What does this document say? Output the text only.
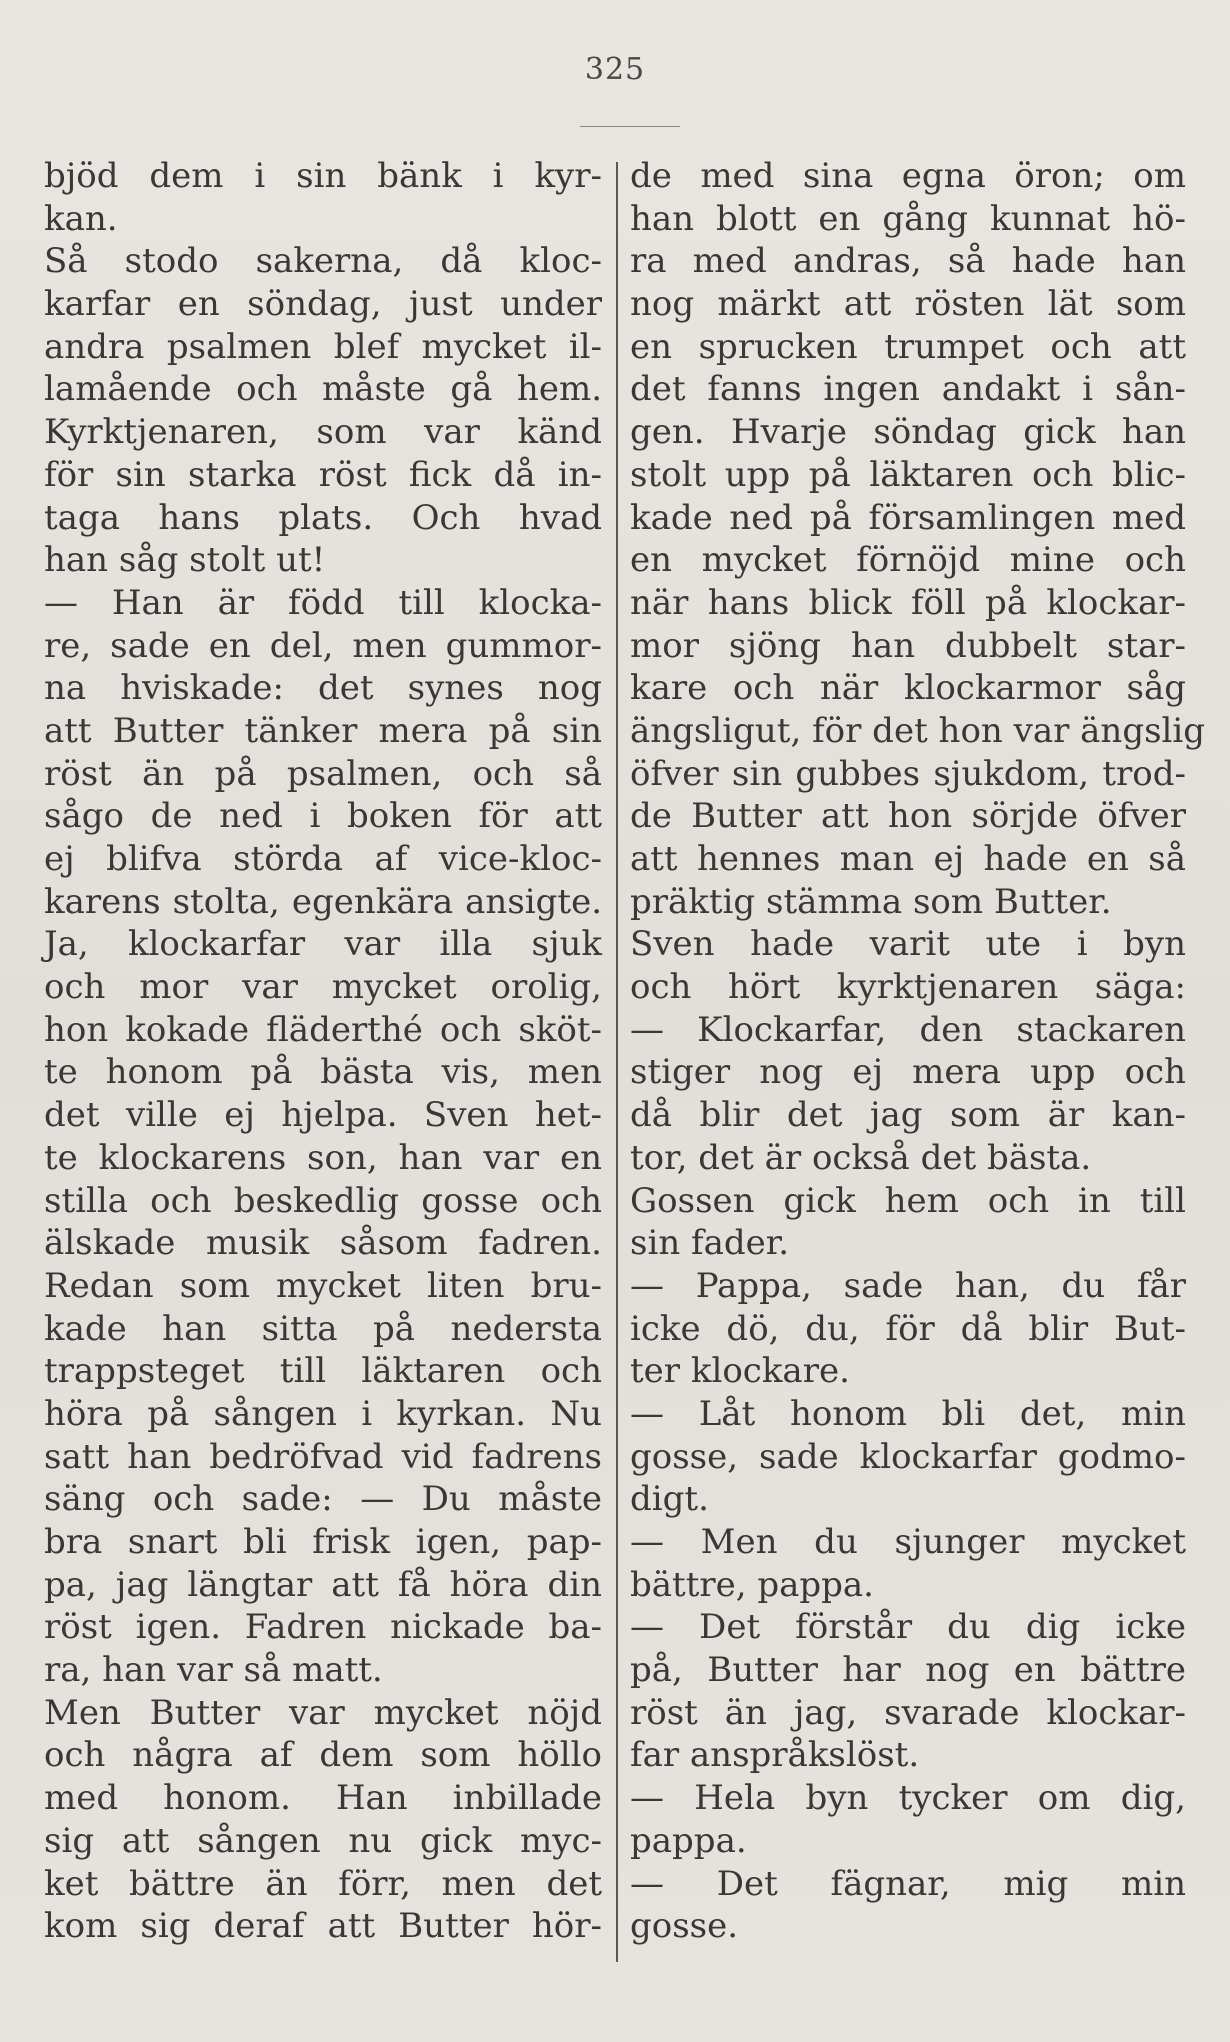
325
bjöd dem i sin bänk i kyr-
kan.
Så stodo sakerna, då kloc-
karfar en söndag, just under
andra psalmen blef mycket il-
lamående och måste gå hem.
Kyrktjenaren, som var känd
för sin starka röst fick då in-
taga hans plats. Och hvad
han såg stolt ut!
— Han är född till klocka-
re, sade en del, men gummor-
na hviskade: det synes nog
att Butter tänker mera på sin
röst än på psalmen, och så
sågo de ned i boken för att
ej blifva störda af vice-kloc-
karens stolta, egenkära ansigte.
Ja, klockarfar var illa sjuk
och mor var mycket orolig,
hon kokade fläderthé och sköt-
te honom på bästa vis, men
det ville ej hjelpa. Sven het-
te klockarens son, han var en
stilla och beskedlig gosse och
älskade musik såsom fadren.
Redan som mycket liten bru-
kade han sitta på nedersta
trappsteget till läktaren och
höra på sången i kyrkan. Nu
satt han bedröfvad vid fadrens
säng och sade: — Du måste
bra snart bli frisk igen, pap-
pa, jag längtar att få höra din
röst igen. Fadren nickade ba-
ra, han var så matt.
Men Butter var mycket nöjd
och några af dem som höllo
med honom. Han inbillade
sig att sången nu gick myc-
ket bättre än förr, men det
kom sig deraf att Butter hör-
de med sina egna öron; om
han blott en gång kunnat hö-
ra med andras, så hade han
nog märkt att rösten lät som
en sprucken trumpet och att
det fanns ingen andakt i sån-
gen. Hvarje söndag gick han
stolt upp på läktaren och blic-
kade ned på församlingen med
en mycket förnöjd mine och
när hans blick föll på klockar-
mor sjöng han dubbelt star-
kare och när klockarmor såg
ängsligut, för det hon var ängslig
öfver sin gubbes sjukdom, trod-
de Butter att hon sörjde öfver
att hennes man ej hade en så
präktig stämma som Butter.
Sven hade varit ute i byn
och hört kyrktjenaren säga:
— Klockarfar, den stackaren
stiger nog ej mera upp och
då blir det jag som är kan-
tor, det är också det bästa.
Gossen gick hem och in till
sin fader.
— Pappa, sade han, du får
icke dö, du, för då blir But-
ter klockare.
— Låt honom bli det, min
gosse, sade klockarfar godmo-
digt.
— Men du sjunger mycket
bättre, pappa.
— Det förstår du dig icke
på, Butter har nog en bättre
röst än jag, svarade klockar-
far anspråkslöst.
— Hela byn tycker om dig,
pappa.
— Det fägnar, mig min
gosse.
